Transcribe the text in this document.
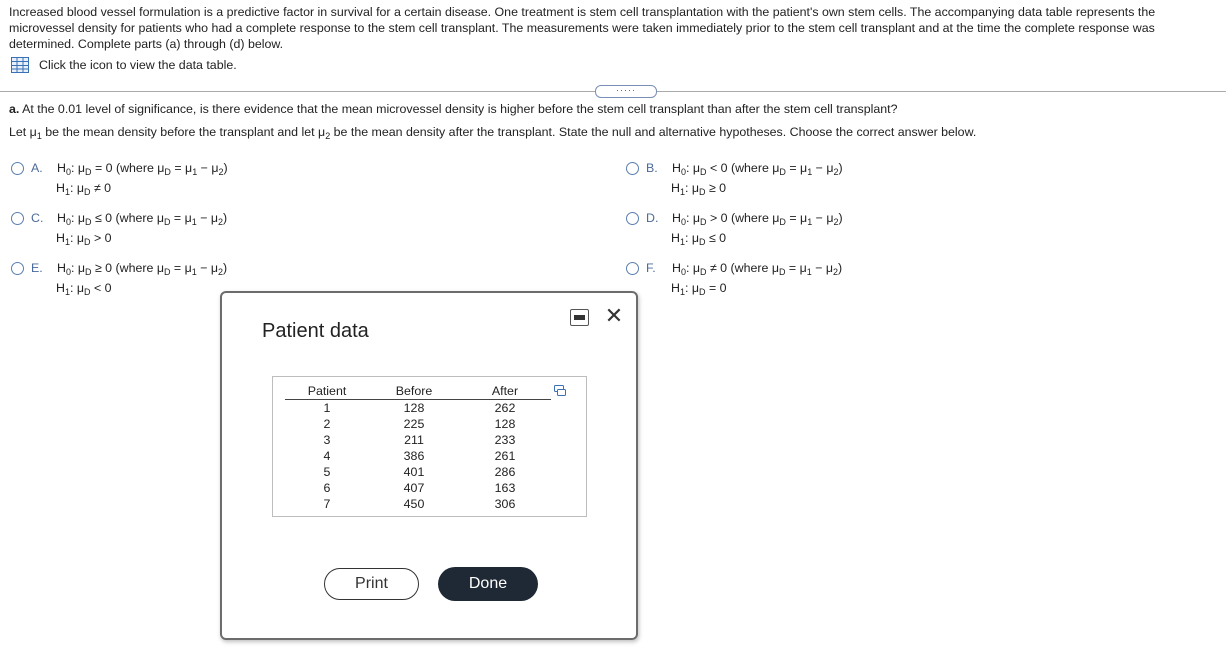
Increased blood vessel formulation is a predictive factor in survival for a certain disease. One treatment is stem cell transplantation with the patient's own stem cells. The accompanying data table represents the microvessel density for patients who had a complete response to the stem cell transplant. The measurements were taken immediately prior to the stem cell transplant and at the time the complete response was determined. Complete parts (a) through (d) below.
Click the icon to view the data table.
·····
a. At the 0.01 level of significance, is there evidence that the mean microvessel density is higher before the stem cell transplant than after the stem cell transplant?
Let $\mu_1$ be the mean density before the transplant and let $\mu_2$ be the mean density after the transplant. State the null and alternative hypotheses. Choose the correct answer below.
A.	$H_0$: $\mu_D = 0$ (where $\mu_D = \mu_1 - \mu_2$)
$H_1$: $\mu_D \ne 0$
B.	$H_0$: $\mu_D < 0$ (where $\mu_D = \mu_1 - \mu_2$)
$H_1$: $\mu_D \ge 0$
C.	$H_0$: $\mu_D \le 0$ (where $\mu_D = \mu_1 - \mu_2$)
$H_1$: $\mu_D > 0$
D.	$H_0$: $\mu_D > 0$ (where $\mu_D = \mu_1 - \mu_2$)
$H_1$: $\mu_D \le 0$
E.	$H_0$: $\mu_D \ge 0$ (where $\mu_D = \mu_1 - \mu_2$)
$H_1$: $\mu_D < 0$
F.	$H_0$: $\mu_D \ne 0$ (where $\mu_D = \mu_1 - \mu_2$)
$H_1$: $\mu_D = 0$
Patient data
✕
Patient	Before	After
1	128	262
2	225	128
3	211	233
4	386	261
5	401	286
6	407	163
7	450	306
Print	Done
